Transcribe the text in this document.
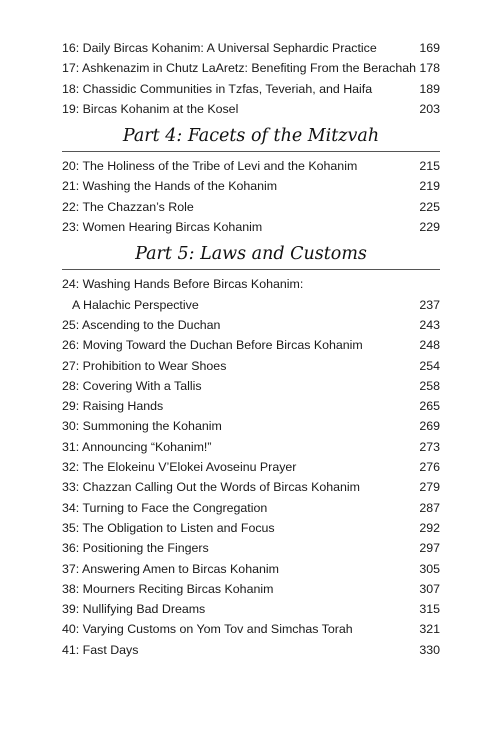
16: Daily Bircas Kohanim: A Universal Sephardic Practice	169
17: Ashkenazim in Chutz LaAretz: Benefiting From the Berachah 178
18: Chassidic Communities in Tzfas, Teveriah, and Haifa	189
19: Bircas Kohanim at the Kosel	203
Part 4: Facets of the Mitzvah
20: The Holiness of the Tribe of Levi and the Kohanim	215
21: Washing the Hands of the Kohanim	219
22: The Chazzan’s Role	225
23: Women Hearing Bircas Kohanim	229
Part 5: Laws and Customs
24: Washing Hands Before Bircas Kohanim:
A Halachic Perspective	237
25: Ascending to the Duchan	243
26: Moving Toward the Duchan Before Bircas Kohanim	248
27: Prohibition to Wear Shoes	254
28: Covering With a Tallis	258
29: Raising Hands	265
30: Summoning the Kohanim	269
31: Announcing “Kohanim!”	273
32: The Elokeinu V’Elokei Avoseinu Prayer	276
33: Chazzan Calling Out the Words of Bircas Kohanim	279
34: Turning to Face the Congregation	287
35: The Obligation to Listen and Focus	292
36: Positioning the Fingers	297
37: Answering Amen to Bircas Kohanim	305
38: Mourners Reciting Bircas Kohanim	307
39: Nullifying Bad Dreams	315
40: Varying Customs on Yom Tov and Simchas Torah	321
41: Fast Days	330
